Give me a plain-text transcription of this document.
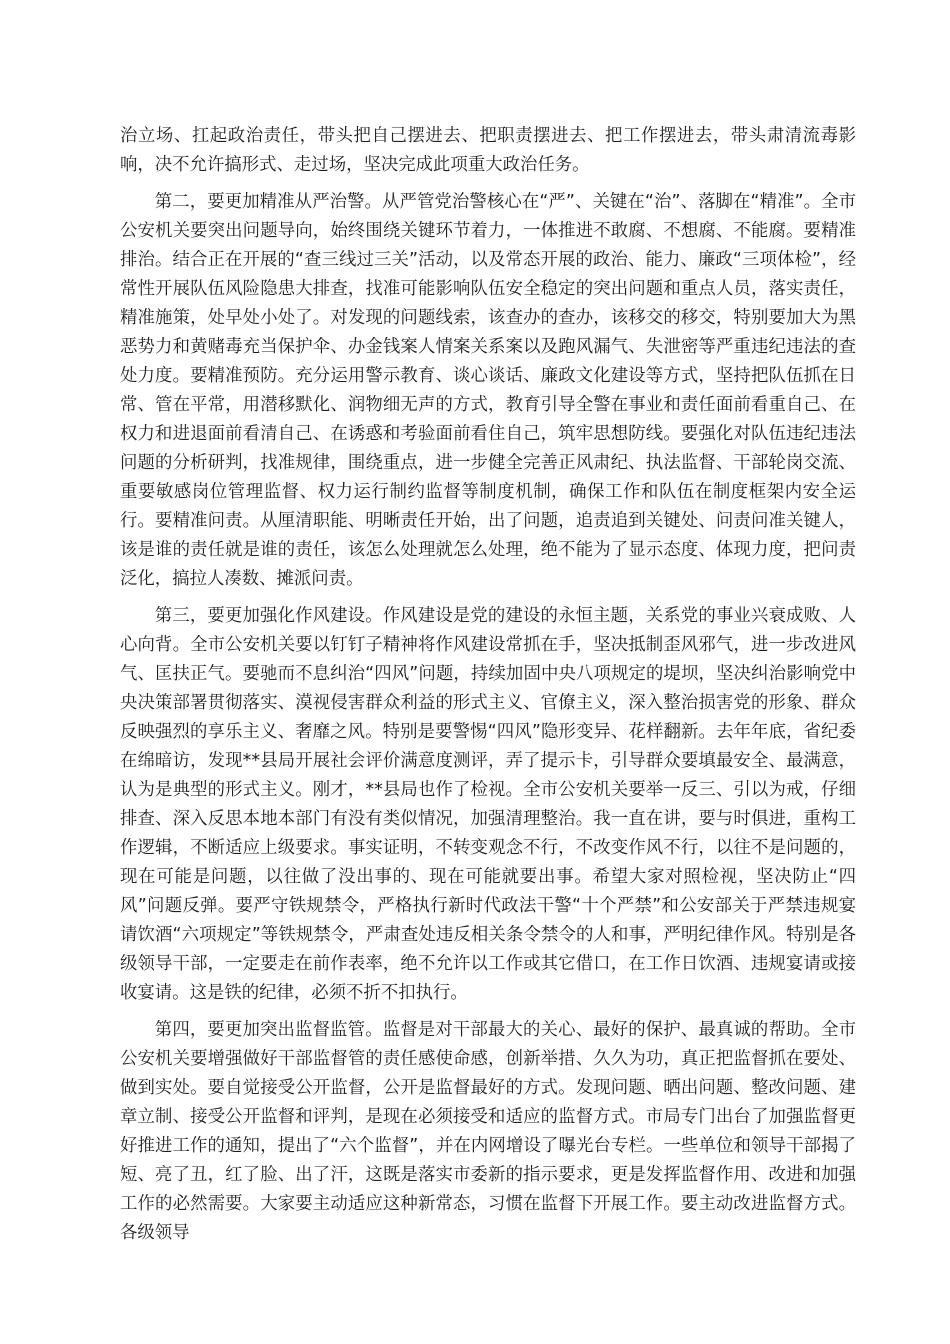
治立场、扛起政治责任，带头把自己摆进去、把职责摆进去、把工作摆进去，带头肃清流毒影响，决不允许搞形式、走过场，坚决完成此项重大政治任务。

第二，要更加精准从严治警。从严管党治警核心在“严”、关键在“治”、落脚在“精准”。全市公安机关要突出问题导向，始终围绕关键环节着力，一体推进不敢腐、不想腐、不能腐。要精准排治。结合正在开展的“查三线过三关”活动，以及常态开展的政治、能力、廉政“三项体检”，经常性开展队伍风险隐患大排查，找准可能影响队伍安全稳定的突出问题和重点人员，落实责任，精准施策，处早处小处了。对发现的问题线索，该查办的查办，该移交的移交，特别要加大为黑恶势力和黄赌毒充当保护伞、办金钱案人情案关系案以及跑风漏气、失泄密等严重违纪违法的查处力度。要精准预防。充分运用警示教育、谈心谈话、廉政文化建设等方式，坚持把队伍抓在日常、管在平常，用潜移默化、润物细无声的方式，教育引导全警在事业和责任面前看重自己、在权力和进退面前看清自己、在诱惑和考验面前看住自己，筑牢思想防线。要强化对队伍违纪违法问题的分析研判，找准规律，围绕重点，进一步健全完善正风肃纪、执法监督、干部轮岗交流、重要敏感岗位管理监督、权力运行制约监督等制度机制，确保工作和队伍在制度框架内安全运行。要精准问责。从厘清职能、明晰责任开始，出了问题，追责追到关键处、问责问准关键人，该是谁的责任就是谁的责任，该怎么处理就怎么处理，绝不能为了显示态度、体现力度，把问责泛化，搞拉人凑数、摊派问责。

第三，要更加强化作风建设。作风建设是党的建设的永恒主题，关系党的事业兴衰成败、人心向背。全市公安机关要以钉钉子精神将作风建设常抓在手，坚决抵制歪风邪气，进一步改进风气、匡扶正气。要驰而不息纠治“四风”问题，持续加固中央八项规定的堤坝，坚决纠治影响党中央决策部署贯彻落实、漠视侵害群众利益的形式主义、官僚主义，深入整治损害党的形象、群众反映强烈的享乐主义、奢靡之风。特别是要警惕“四风”隐形变异、花样翻新。去年年底，省纪委在绵暗访，发现**县局开展社会评价满意度测评，弄了提示卡，引导群众要填最安全、最满意，认为是典型的形式主义。刚才，**县局也作了检视。全市公安机关要举一反三、引以为戒，仔细排查、深入反思本地本部门有没有类似情况，加强清理整治。我一直在讲，要与时俱进，重构工作逻辑，不断适应上级要求。事实证明，不转变观念不行，不改变作风不行，以往不是问题的，现在可能是问题，以往做了没出事的、现在可能就要出事。希望大家对照检视，坚决防止“四风”问题反弹。要严守铁规禁令，严格执行新时代政法干警“十个严禁”和公安部关于严禁违规宴请饮酒“六项规定”等铁规禁令，严肃查处违反相关条令禁令的人和事，严明纪律作风。特别是各级领导干部，一定要走在前作表率，绝不允许以工作或其它借口，在工作日饮酒、违规宴请或接收宴请。这是铁的纪律，必须不折不扣执行。

第四，要更加突出监督监管。监督是对干部最大的关心、最好的保护、最真诚的帮助。全市公安机关要增强做好干部监督管的责任感使命感，创新举措、久久为功，真正把监督抓在要处、做到实处。要自觉接受公开监督，公开是监督最好的方式。发现问题、晒出问题、整改问题、建章立制、接受公开监督和评判，是现在必须接受和适应的监督方式。市局专门出台了加强监督更好推进工作的通知，提出了“六个监督”，并在内网增设了曝光台专栏。一些单位和领导干部揭了短、亮了丑，红了脸、出了汗，这既是落实市委新的指示要求，更是发挥监督作用、改进和加强工作的必然需要。大家要主动适应这种新常态，习惯在监督下开展工作。要主动改进监督方式。各级领导
